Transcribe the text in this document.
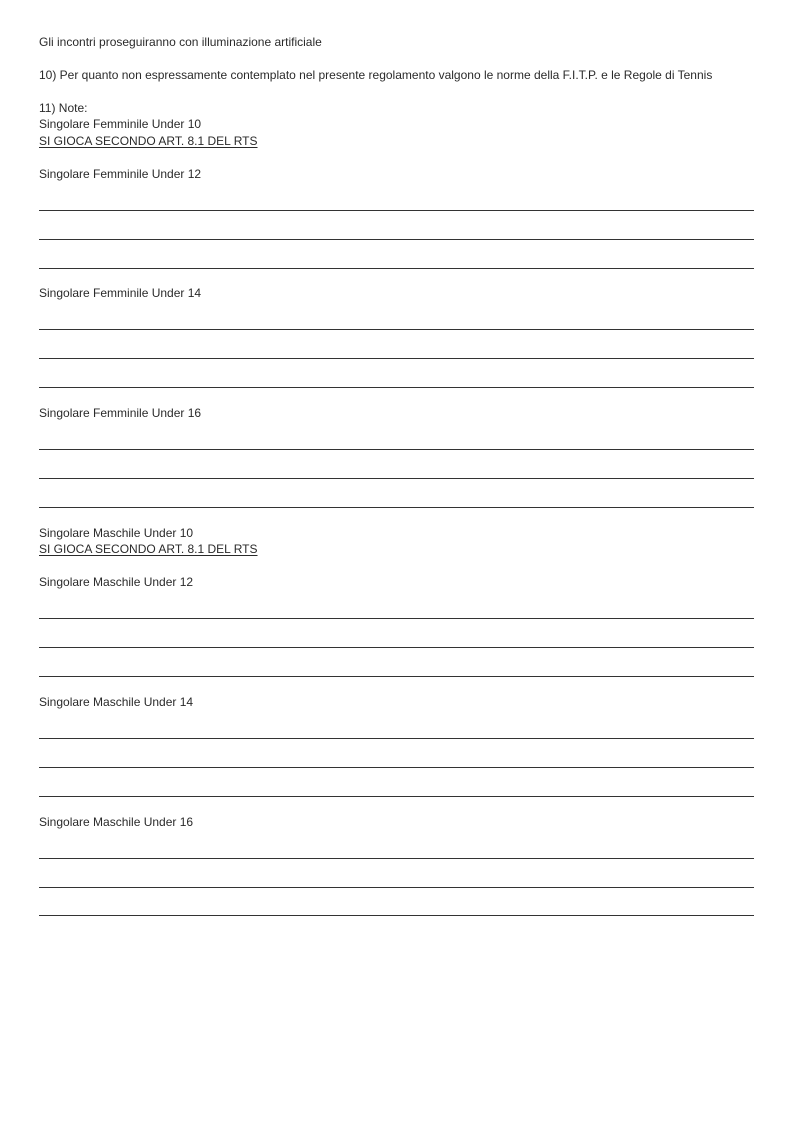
Gli incontri proseguiranno con illuminazione artificiale
10) Per quanto non espressamente contemplato nel presente regolamento valgono le norme della F.I.T.P. e le Regole di Tennis
11) Note:
Singolare Femminile Under 10
SI GIOCA SECONDO ART. 8.1 DEL RTS
Singolare Femminile Under 12
Singolare Femminile Under 14
Singolare Femminile Under 16
Singolare Maschile Under 10
SI GIOCA SECONDO ART. 8.1 DEL RTS
Singolare Maschile Under 12
Singolare Maschile Under 14
Singolare Maschile Under 16
